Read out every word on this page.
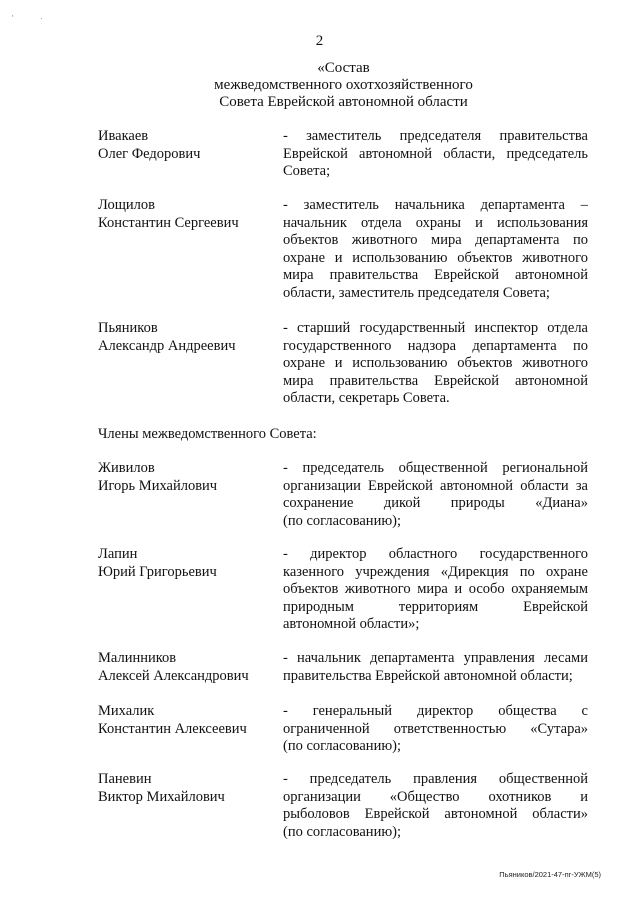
'	·
2
«Состав
межведомственного охотхозяйственного
Совета Еврейской автономной области
Ивакаев
Олег Федорович
- заместитель председателя правительства
Еврейской автономной области, председатель
Совета;
Лощилов
Константин Сергеевич
- заместитель начальника департамента –
начальник отдела охраны и использования
объектов животного мира департамента по
охране и использованию объектов животного
мира правительства Еврейской автономной
области, заместитель председателя Совета;
Пьяников
Александр Андреевич
- старший государственный инспектор отдела
государственного надзора департамента по
охране и использованию объектов животного
мира правительства Еврейской автономной
области, секретарь Совета.
Члены межведомственного Совета:
Живилов
Игорь Михайлович
- председатель общественной региональной
организации Еврейской автономной области за
сохранение дикой природы «Диана»
(по согласованию);
Лапин
Юрий Григорьевич
- директор областного государственного
казенного учреждения «Дирекция по охране
объектов животного мира и особо охраняемым
природным территориям Еврейской
автономной области»;
Малинников
Алексей Александрович
- начальник департамента управления лесами
правительства Еврейской автономной области;
Михалик
Константин Алексеевич
- генеральный директор общества с
ограниченной ответственностью «Сутара»
(по согласованию);
Паневин
Виктор Михайлович
- председатель правления общественной
организации «Общество охотников и
рыболовов Еврейской автономной области»
(по согласованию);
Пьяников/2021-47-пг-УЖМ(5)
